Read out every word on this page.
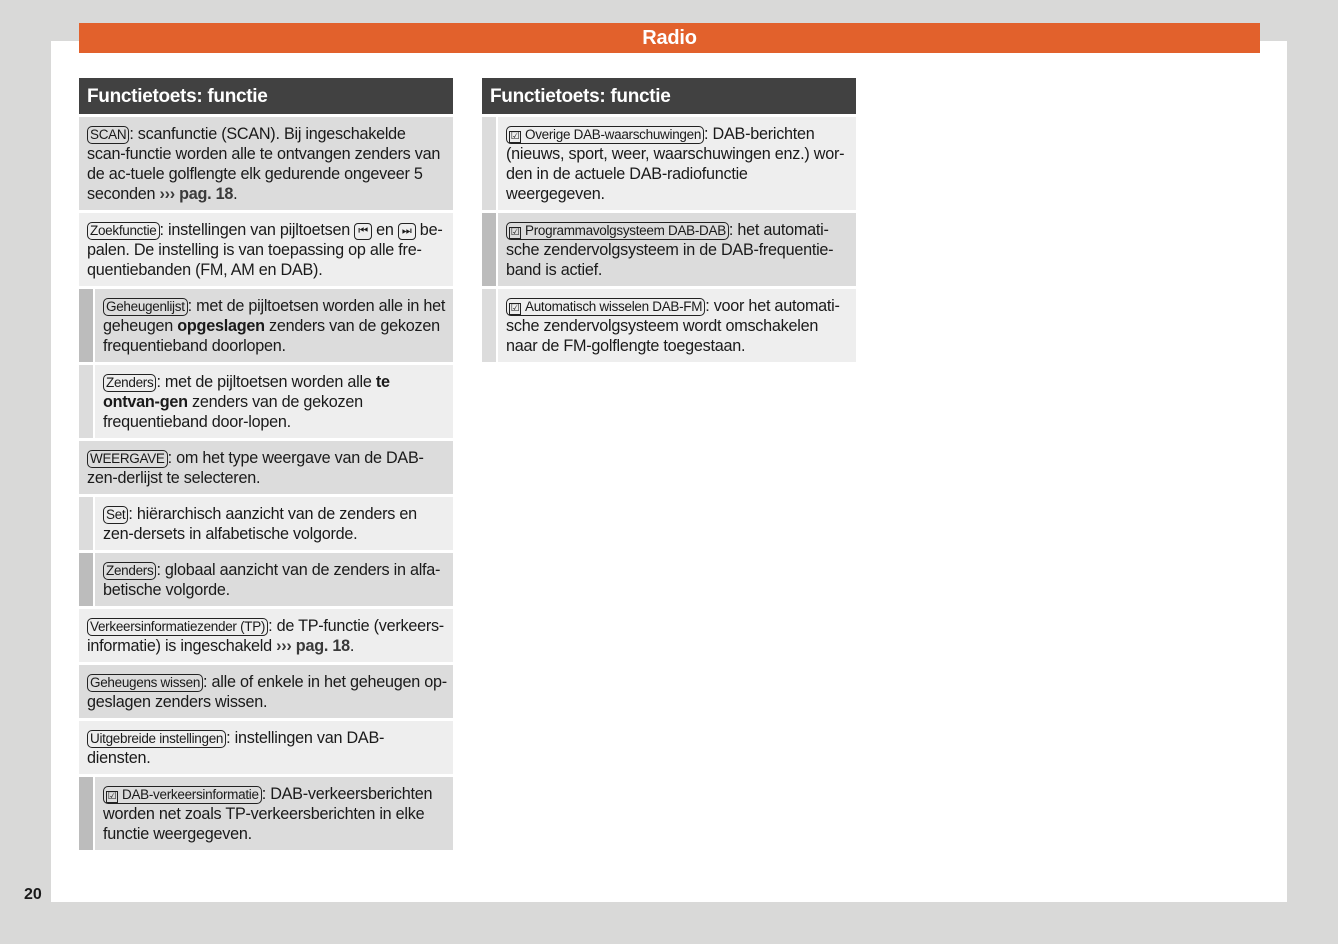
Radio
Functietoets: functie
SCAN : scanfunctie (SCAN). Bij ingeschakelde scan-functie worden alle te ontvangen zenders van de ac-tuele golflengte elk gedurende ongeveer 5 seconden ››› pag. 18.
Zoekfunctie : instellingen van pijltoetsen ⏮ en ⏭ be-palen. De instelling is van toepassing op alle fre-quentiebanden (FM, AM en DAB).
Geheugenlijst : met de pijltoetsen worden alle in het geheugen opgeslagen zenders van de gekozen frequentieband doorlopen.
Zenders : met de pijltoetsen worden alle te ontvan-gen zenders van de gekozen frequentieband door-lopen.
WEERGAVE : om het type weergave van de DAB-zen-derlijst te selecteren.
Set : hiërarchisch aanzicht van de zenders en zen-dersets in alfabetische volgorde.
Zenders : globaal aanzicht van de zenders in alfa-betische volgorde.
Verkeersinformatiezender (TP) : de TP-functie (verkeers-informatie) is ingeschakeld ››› pag. 18.
Geheugens wissen : alle of enkele in het geheugen op-geslagen zenders wissen.
Uitgebreide instellingen : instellingen van DAB-diensten.
☑ DAB-verkeersinformatie : DAB-verkeersberichten worden net zoals TP-verkeersberichten in elke functie weergegeven.
Functietoets: functie
☑ Overige DAB-waarschuwingen : DAB-berichten (nieuws, sport, weer, waarschuwingen enz.) wor-den in de actuele DAB-radiofunctie weergegeven.
☑ Programmavolgsysteem DAB-DAB : het automati-sche zendervolgsysteem in de DAB-frequentie-band is actief.
☑ Automatisch wisselen DAB-FM : voor het automati-sche zendervolgsysteem wordt omschakelen naar de FM-golflengte toegestaan.
20
